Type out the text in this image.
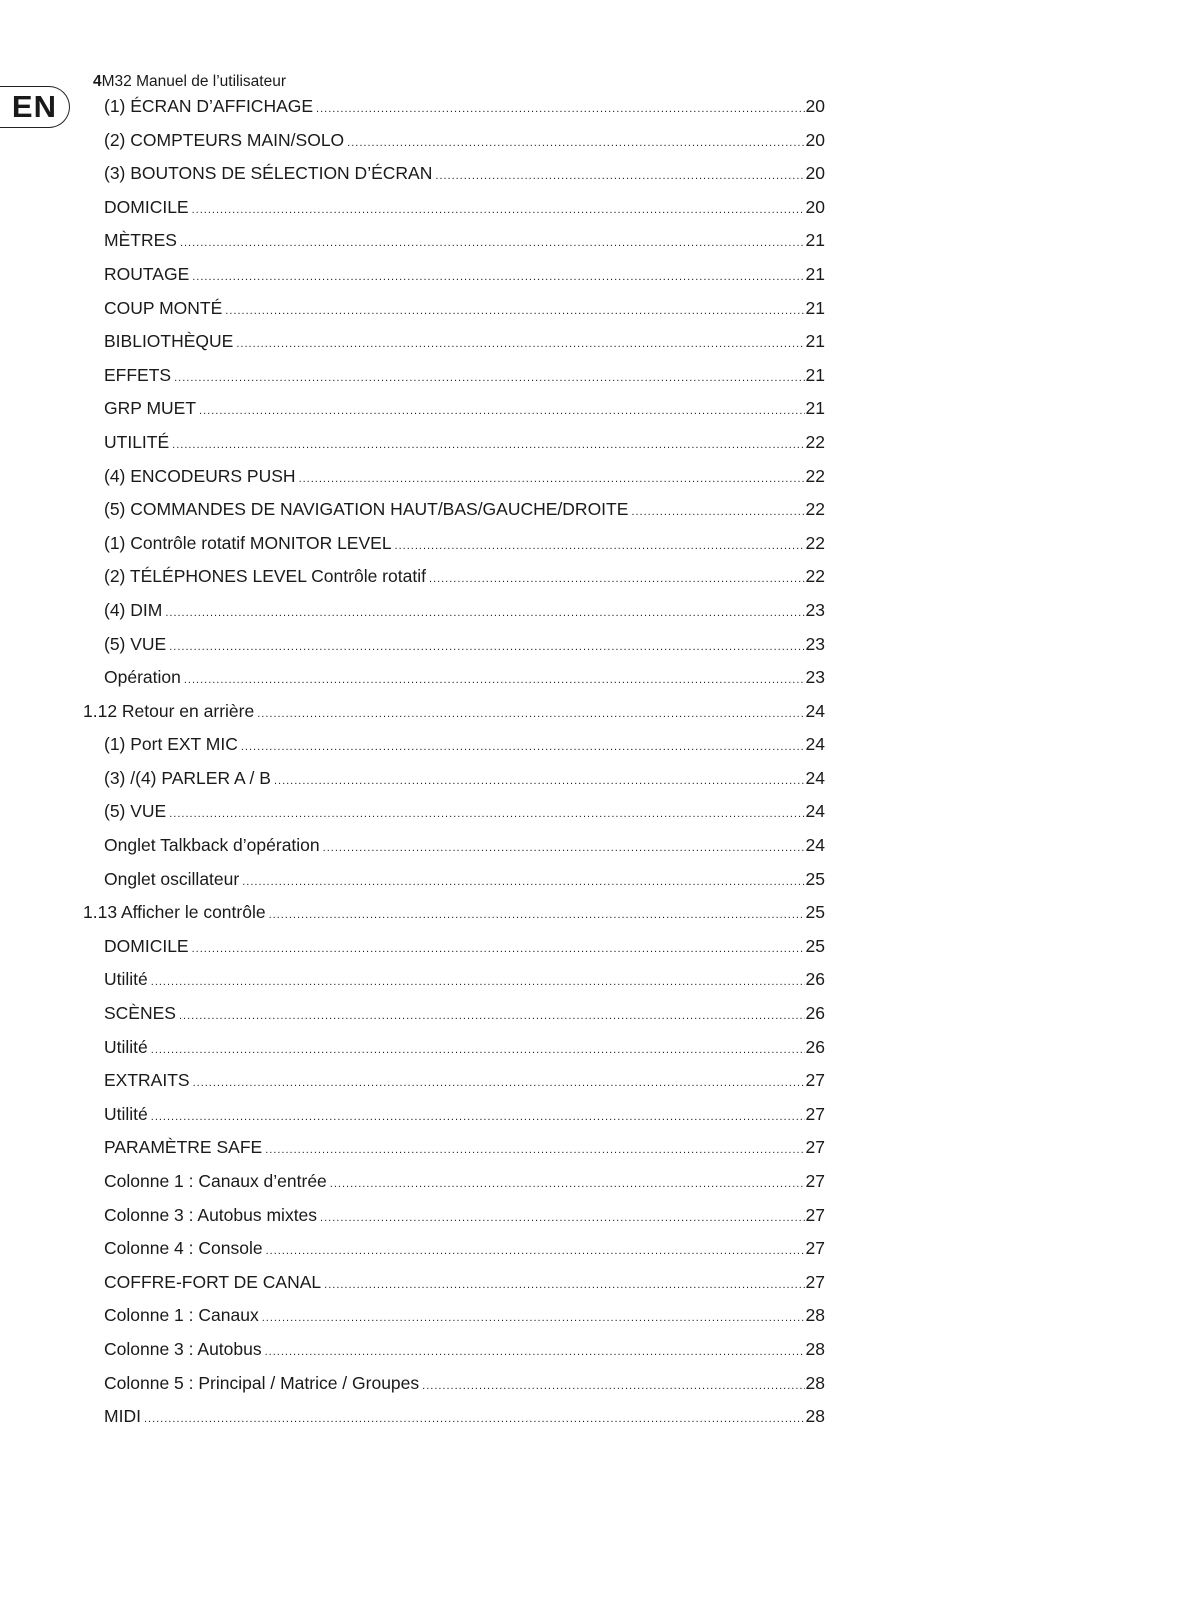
EN
4M32 Manuel de l’utilisateur
(1) ÉCRAN D’AFFICHAGE .....	20
(2) COMPTEURS MAIN/SOLO .....	20
(3) BOUTONS DE SÉLECTION D’ÉCRAN .....	20
DOMICILE .....	20
MÈTRES .....	21
ROUTAGE .....	21
COUP MONTÉ .....	21
BIBLIOTHÈQUE .....	21
EFFETS .....	21
GRP MUET .....	21
UTILITÉ .....	22
(4) ENCODEURS PUSH .....	22
(5) COMMANDES DE NAVIGATION HAUT/BAS/GAUCHE/DROITE .....	22
(1) Contrôle rotatif MONITOR LEVEL .....	22
(2) TÉLÉPHONES LEVEL Contrôle rotatif .....	22
(4) DIM .....	23
(5) VUE .....	23
Opération .....	23
1.12 Retour en arrière .....	24
(1) Port EXT MIC .....	24
(3) /(4) PARLER A / B .....	24
(5) VUE .....	24
Onglet Talkback d’opération .....	24
Onglet oscillateur .....	25
1.13 Afficher le contrôle .....	25
DOMICILE .....	25
Utilité .....	26
SCÈNES .....	26
Utilité .....	26
EXTRAITS .....	27
Utilité .....	27
PARAMÈTRE SAFE .....	27
Colonne 1 : Canaux d’entrée .....	27
Colonne 3 : Autobus mixtes .....	27
Colonne 4 : Console .....	27
COFFRE-FORT DE CANAL .....	27
Colonne 1 : Canaux .....	28
Colonne 3 : Autobus .....	28
Colonne 5 : Principal / Matrice / Groupes .....	28
MIDI .....	28
